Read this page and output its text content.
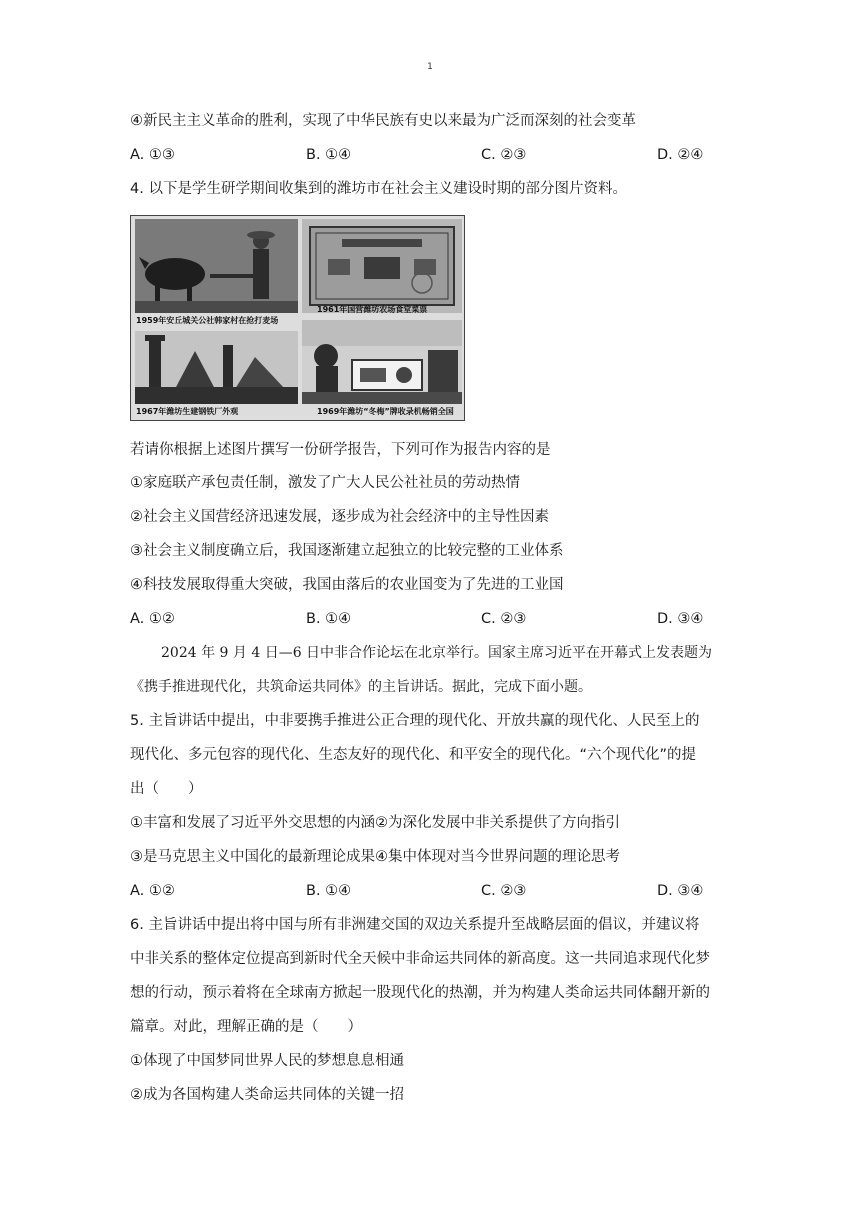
1
④新民主主义革命的胜利，实现了中华民族有史以来最为广泛而深刻的社会变革
A. ①③	B. ①④	C. ②③	D. ②④
4. 以下是学生研学期间收集到的潍坊市在社会主义建设时期的部分图片资料。
1959年安丘城关公社韩家村在抢打麦场
1961年国营潍坊农场食堂菜票
1967年潍坊生建钢铁厂外观	1969年潍坊“冬梅”牌收录机畅销全国
若请你根据上述图片撰写一份研学报告，下列可作为报告内容的是
①家庭联产承包责任制，激发了广大人民公社社员的劳动热情
②社会主义国营经济迅速发展，逐步成为社会经济中的主导性因素
③社会主义制度确立后，我国逐渐建立起独立的比较完整的工业体系
④科技发展取得重大突破，我国由落后的农业国变为了先进的工业国
A. ①②	B. ①④	C. ②③	D. ③④
2024 年 9 月 4 日—6 日中非合作论坛在北京举行。国家主席习近平在开幕式上发表题为
《携手推进现代化，共筑命运共同体》的主旨讲话。据此，完成下面小题。
5. 主旨讲话中提出，中非要携手推进公正合理的现代化、开放共赢的现代化、人民至上的
现代化、多元包容的现代化、生态友好的现代化、和平安全的现代化。“六个现代化”的提
出（　　）
①丰富和发展了习近平外交思想的内涵②为深化发展中非关系提供了方向指引
③是马克思主义中国化的最新理论成果④集中体现对当今世界问题的理论思考
A. ①②	B. ①④	C. ②③	D. ③④
6. 主旨讲话中提出将中国与所有非洲建交国的双边关系提升至战略层面的倡议，并建议将
中非关系的整体定位提高到新时代全天候中非命运共同体的新高度。这一共同追求现代化梦
想的行动，预示着将在全球南方掀起一股现代化的热潮，并为构建人类命运共同体翻开新的
篇章。对此，理解正确的是（　　）
①体现了中国梦同世界人民的梦想息息相通
②成为各国构建人类命运共同体的关键一招
